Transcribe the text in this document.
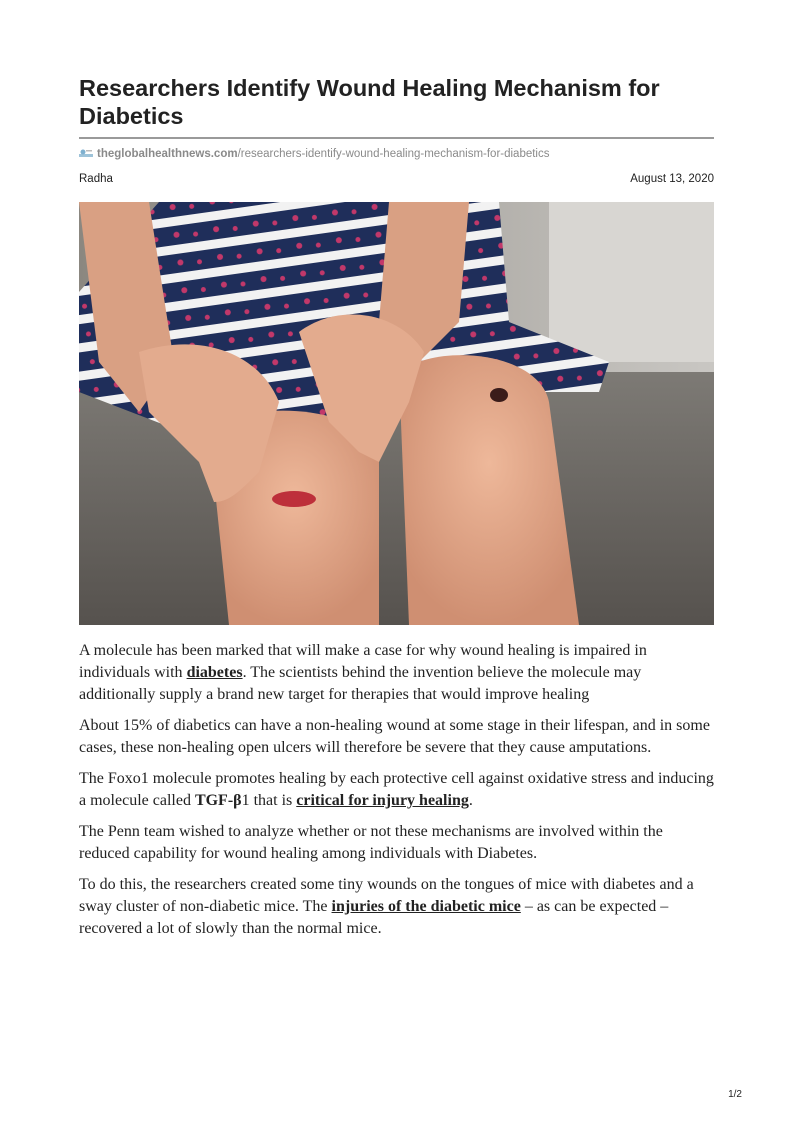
Researchers Identify Wound Healing Mechanism for Diabetics
theglobalhealthnews.com/researchers-identify-wound-healing-mechanism-for-diabetics
Radha	August 13, 2020

A molecule has been marked that will make a case for why wound healing is impaired in individuals with diabetes. The scientists behind the invention believe the molecule may additionally supply a brand new target for therapies that would improve healing

About 15% of diabetics can have a non-healing wound at some stage in their lifespan, and in some cases, these non-healing open ulcers will therefore be severe that they cause amputations.

The Foxo1 molecule promotes healing by each protective cell against oxidative stress and inducing a molecule called TGF-β1 that is critical for injury healing.

The Penn team wished to analyze whether or not these mechanisms are involved within the reduced capability for wound healing among individuals with Diabetes.

To do this, the researchers created some tiny wounds on the tongues of mice with diabetes and a sway cluster of non-diabetic mice. The injuries of the diabetic mice – as can be expected – recovered a lot of slowly than the normal mice.

1/2
